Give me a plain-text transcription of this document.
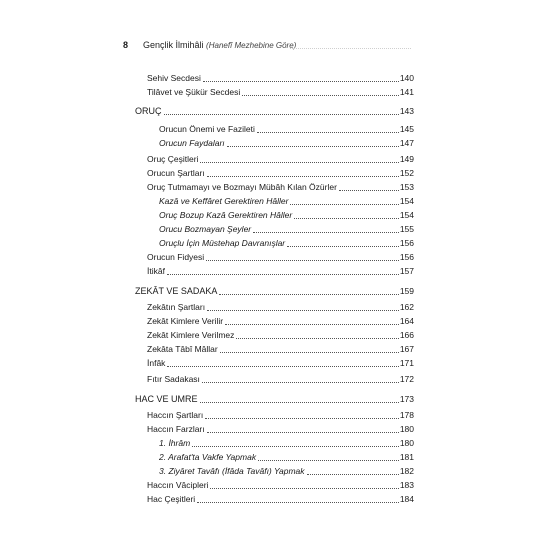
8 Gençlik İlmihâli (Hanefî Mezhebine Göre)
Sehiv Secdesi	140
Tilâvet ve Şükür Secdesi	141
ORUÇ	143
Orucun Önemi ve Fazileti	145
Orucun Faydaları	147
Oruç Çeşitleri	149
Orucun Şartları	152
Oruç Tutmamayı ve Bozmayı Mübâh Kılan Özürler	153
Kazâ ve Keffâret Gerektiren Hâller	154
Oruç Bozup Kazâ Gerektiren Hâller	154
Orucu Bozmayan Şeyler	155
Oruçlu İçin Müstehap Davranışlar	156
Orucun Fidyesi	156
İtikâf	157
ZEKÂT VE SADAKA	159
Zekâtın Şartları	162
Zekât Kimlere Verilir	164
Zekât Kimlere Verilmez	166
Zekâta Tâbî Mâllar	167
İnfâk	171
Fıtır Sadakası	172
HAC VE UMRE	173
Haccın Şartları	178
Haccın Farzları	180
1. İhrâm	180
2. Arafat'ta Vakfe Yapmak	181
3. Ziyâret Tavâfı (İfâda Tavâfı) Yapmak	182
Haccın Vâcipleri	183
Hac Çeşitleri	184
